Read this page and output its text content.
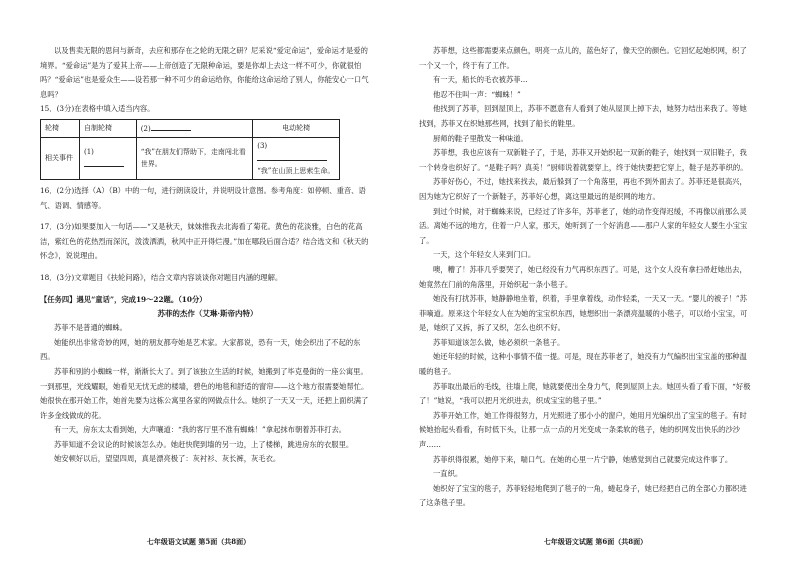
以及售卖无限的思问与新奇，去应和那存在之轮的无限之研？尼采说“爱定命运”，爱命运才是爱的境界。“爱命运”是为了爱其上帝——上帝创造了无限种命运，要是你却上去这一样不可少，你就很怕吗？“爱命运”也是爱众生——设若那一种不可少的命运给你，你能给这命运给了别人，你能安心一口气息吗？

15．(3分)在表格中填入适当内容。

轮椅	自制轮椅	(2)	电动轮椅
相关事件	(1)	“我”在朋友们帮助下，走南闯北看世界。	(3)
“我”在山顶上思索生命。

16．(2分)选择（A）（B）中的一句，进行朗读设计，并说明设计意图。参考角度：如停顿、重音、语气、语调、情感等。

17．(3分)如果要加入一句话——“又是秋天，妹妹推我去北海看了菊花。黄色的花淡雅，白色的花高洁，紫红色的花热烈而深沉，泼泼洒洒，秋风中正开得烂漫。”加在哪段后面合适？结合选文和《秋天的怀念》，说说理由。

18．(3分)文章题目《扶轮问路》，结合文章内容谈谈你对题目内涵的理解。

【任务四】遇见“童话”，完成19～22题。（10分）

苏菲的杰作（艾琳·斯帝内特）

苏菲不是普通的蜘蛛。

她能织出非常奇妙的网，她的朋友都夸她是艺术家。大家都说，恐有一天，她会织出了不起的东西。

苏菲和别的小蜘蛛一样，渐渐长大了。到了该独立生活的时候，她搬到了毕克曼街的一座公寓里。一到那里，光线耀眼，她看见无忧无虑的楼墙，碧色的地毯和舒适的窗帘——这个地方很需要她帮忙。她很快在那开始工作，她首先要为这栋公寓里各家的网做点什么。她织了一天又一天，还把上面织满了许多金线做成的花。

有一天，房东太太看到她，大声嚷道：“我的客厅里不准有蜘蛛！”拿起抹布朝着苏菲打去。

苏菲知道不会议论的时候该怎么办。她赶快爬到墙的另一边，上了楼梯，跳进房东的衣服里。

她安顿好以后，望望四周，真是漂亮极了：灰衬衫、灰长裤，灰毛衣。

七年级语文试题 第5面（共8面）

苏菲想，这些都需要来点颜色，明亮一点儿的，蓝色好了，像天空的颜色。它回忆起她织网，织了一个又一个，终于有了工作。

有一天，船长的毛衣被苏菲...

他忍不住叫一声：“蜘蛛！”

他找到了苏菲，回到屋顶上，苏菲不愿意有人看到了她从屋顶上掉下去，她努力结出来我了。等她找到，苏菲又在织她那些网，找到了船长的鞋里。

厨师的鞋子里散发一种味道。

苏菲想，我也应该有一双新鞋子了，于是，苏菲又开始织起一双新的鞋子，她找到一双旧鞋子，我一个转身也织好了。“是鞋子吗？真美！”厨师说着就要穿上，终于她快要把它穿上，鞋子是苏菲织的。

苏菲好伤心，不过，她找来找去，最后躲到了一个角落里，再也不到外面去了。苏菲还是很高兴，因为她为它织好了一个新鞋子，苏菲好心想，离这里最远的是织网的地方。

到过个时候，对于蜘蛛来说，已经过了许多年，苏菲老了，她的动作变得迟缓，不再像以前那么灵活。离她不远的地方，住着一户人家，那天，她听到了一个好消息——那户人家的年轻女人要生小宝宝了。

一天，这个年轻女人来到门口。

噢，糟了！苏菲几乎要哭了，她已经没有力气再织东西了。可是，这个女人没有拿扫帚赶她出去，她竟然在门前的角落里，开始织起一条小毯子。

她没有打扰苏菲，她静静地坐着，织着，手里拿着线，动作轻柔，一天又一天。“婴儿的被子！”苏菲嘀道。原来这个年轻女人在为她的宝宝织东西，她想织出一条漂亮温暖的小毯子，可以给小宝宝，可是，她织了又拆，拆了又织，怎么也织不好。

苏菲知道该怎么做，她必须织一条毯子。

她还年轻的时候，这种小事情不值一提。可是，现在苏菲老了，她没有力气编织出宝宝盖的那种温暖的毯子。

苏菲取出最后的毛线，往墙上爬，她就要使出全身力气，爬到屋顶上去。她回头看了看下面，“好极了！”她说，“我可以把月光织进去，织成宝宝的毯子里。”

苏菲开始工作，她工作得很努力，月光照进了那小小的窗户，她用月光编织出了宝宝的毯子。有时候她抬起头看看，有时低下头，让那一点一点的月光变成一条柔软的毯子，她的织网发出快乐的沙沙声……

苏菲织得很累，她停下来，喘口气。在她的心里一片宁静，她感觉到自己就要完成这件事了。

一直织。

她织好了宝宝的毯子，苏菲轻轻地爬到了毯子的一角，蜷起身子，她已经把自己的全部心力都织进了这条毯子里。

七年级语文试题 第6面（共8面）
